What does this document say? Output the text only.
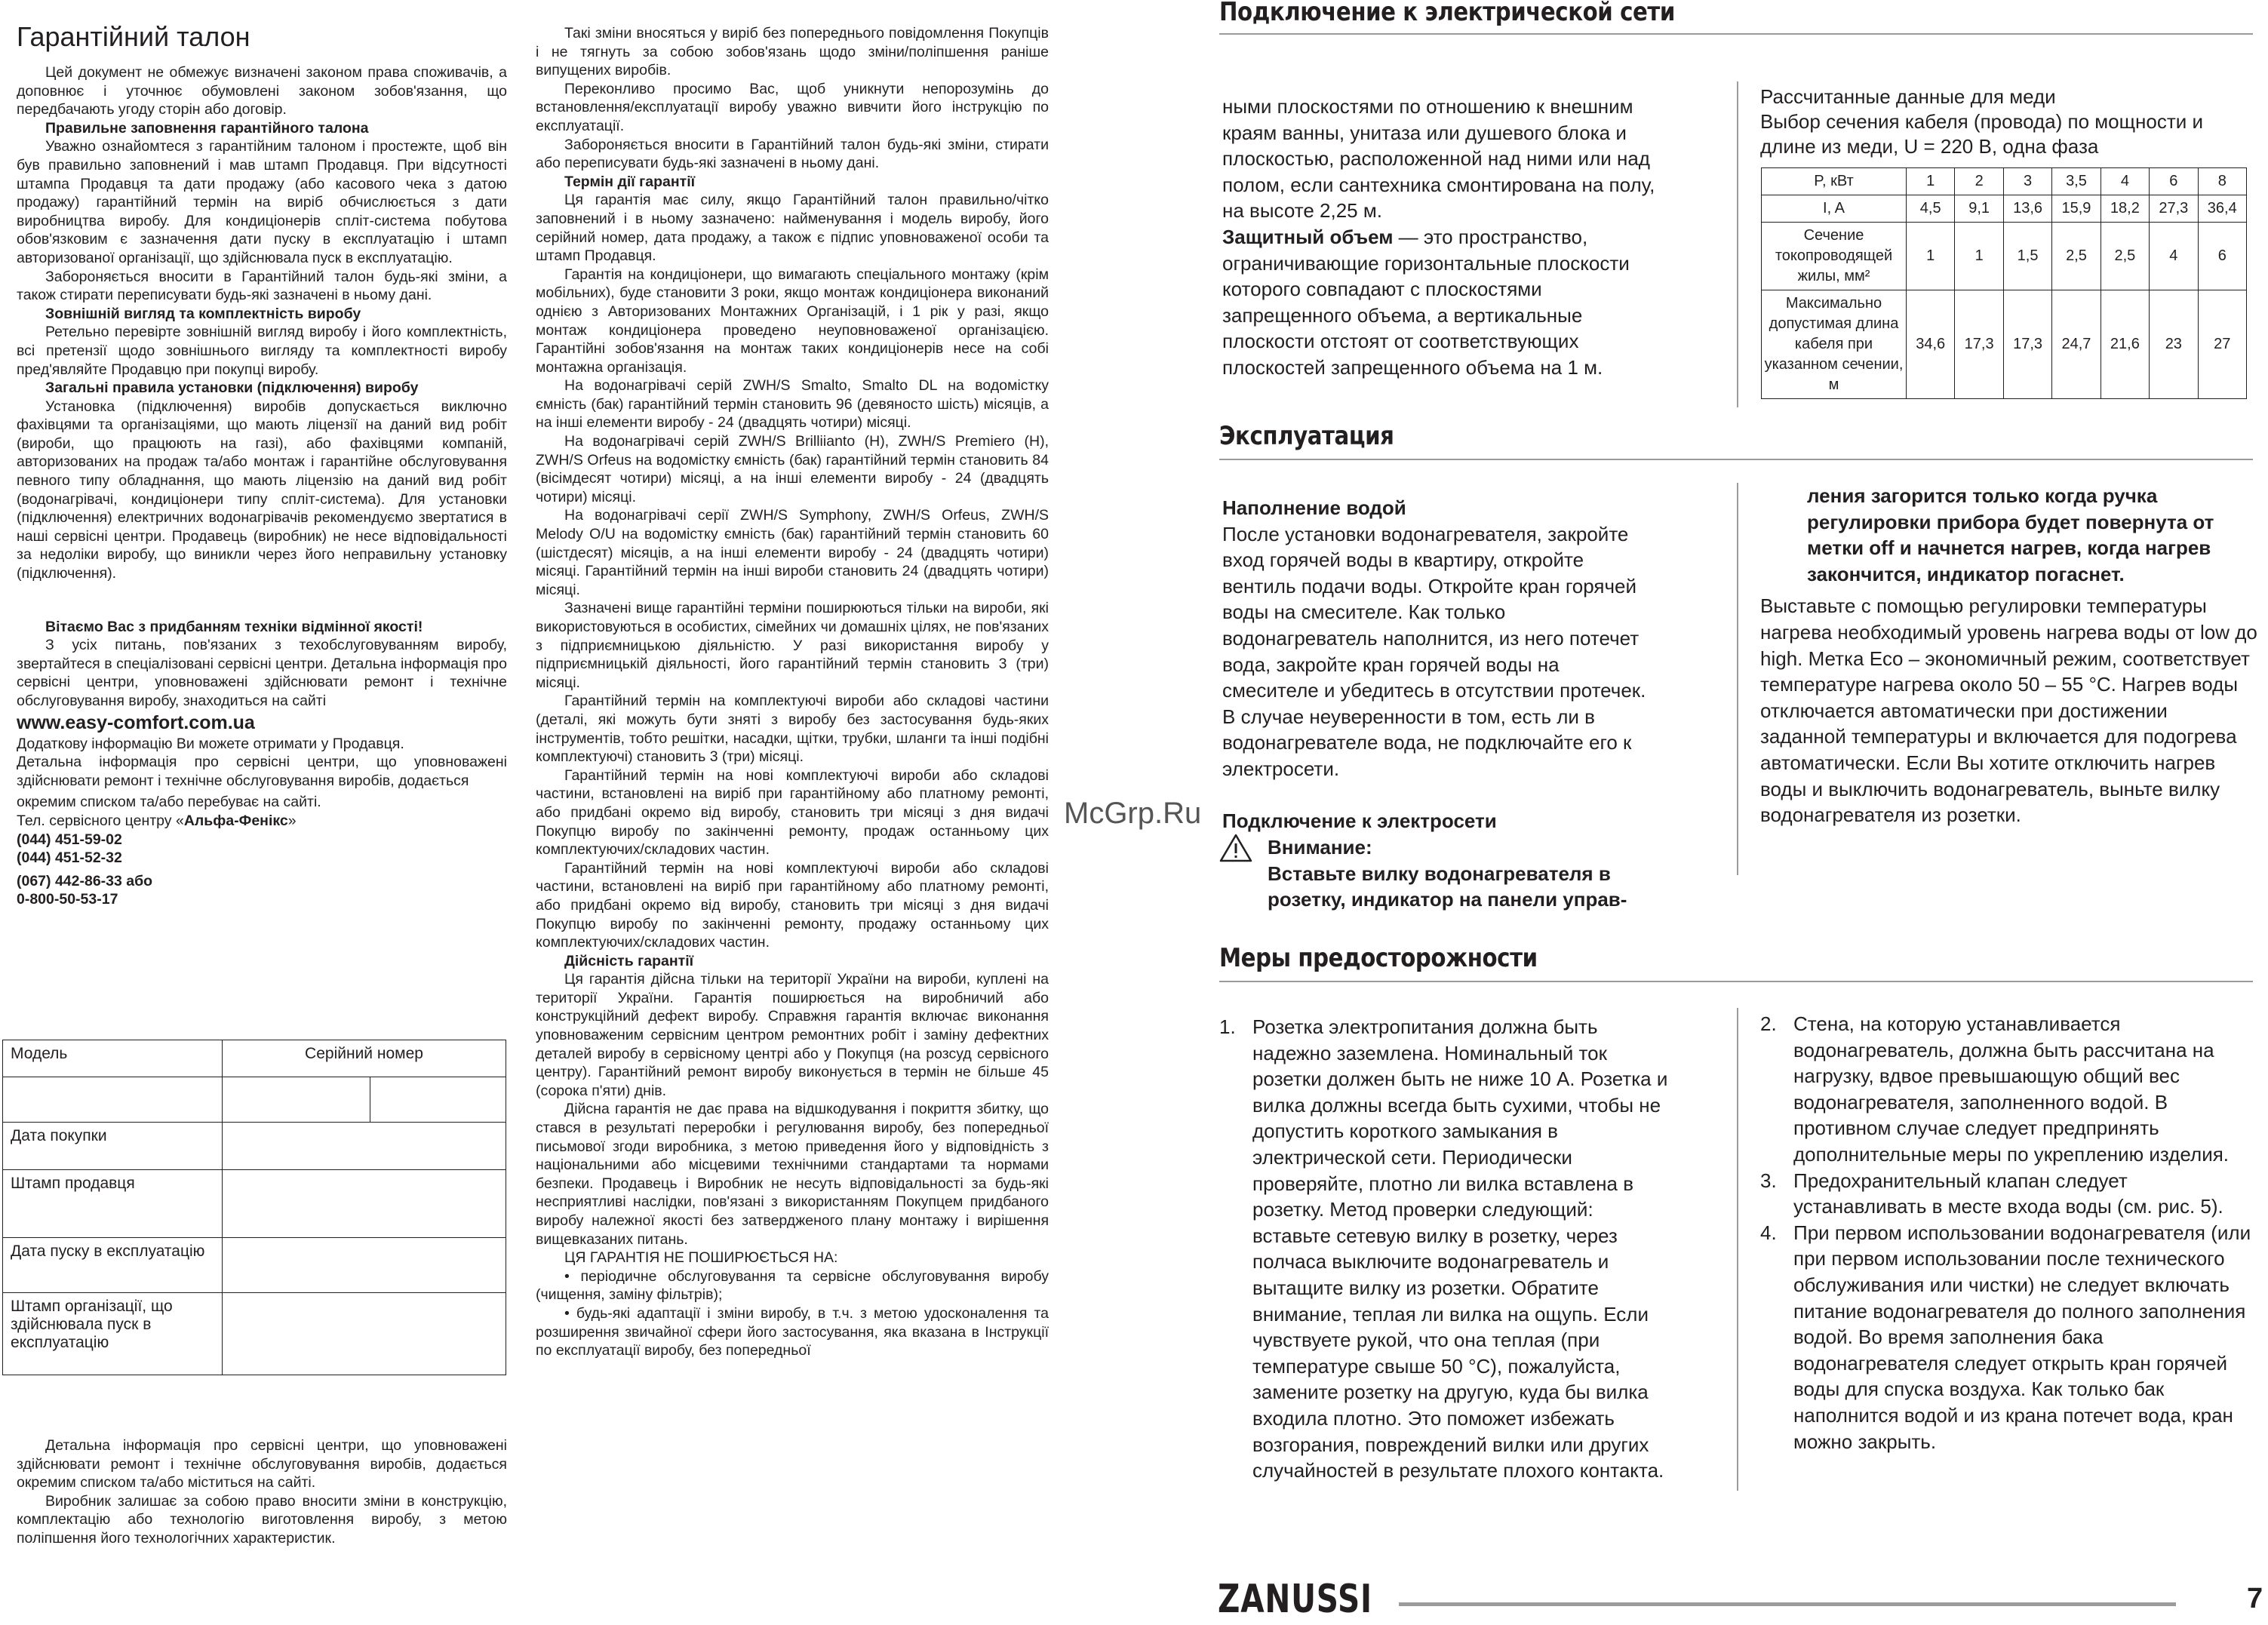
Гарантійний талон

Цей документ не обмежує визначені законом права споживачів, а доповнює і уточнює обумовлені законом зобов'язання, що передбачають угоду сторін або договір.

Правильне заповнення гарантійного талона

Уважно ознайомтеся з гарантійним талоном і простежте, щоб він був правильно заповнений і мав штамп Продавця. При відсутності штампа Продавця та дати продажу (або касового чека з датою продажу) гарантійний термін на виріб обчислюється з дати виробництва виробу. Для кондиціонерів спліт-система побутова обов'язковим є зазначення дати пуску в експлуатацію і штамп авторизованої організації, що здійснювала пуск в експлуатацію.

Забороняється вносити в Гарантійний талон будь-які зміни, а також стирати переписувати будь-які зазначені в ньому дані.

Зовнішній вигляд та комплектність виробу

Ретельно перевірте зовнішній вигляд виробу і його комплектність, всі претензії щодо зовнішнього вигляду та комплектності виробу пред'являйте Продавцю при покупці виробу.

Загальні правила установки (підключення) виробу

Установка (підключення) виробів допускається виключно фахівцями та організаціями, що мають ліцензії на даний вид робіт (вироби, що працюють на газі), або фахівцями компаній, авторизованих на продаж та/або монтаж і гарантійне обслуговування певного типу обладнання, що мають ліцензію на даний вид робіт (водонагрівачі, кондиціонери типу спліт-система). Для установки (підключення) електричних водонагрівачів рекомендуємо звертатися в наші сервісні центри. Продавець (виробник) не несе відповідальності за недоліки виробу, що виникли через його неправильну установку (підключення).

Вітаємо Вас з придбанням техніки відмінної якості!

З усіх питань, пов'язаних з техобслуговуванням виробу, звертайтеся в спеціалізовані сервісні центри. Детальна інформація про сервісні центри, уповноважені здійснювати ремонт і технічне обслуговування виробу, знаходиться на сайті

www.easy-comfort.com.ua

Додаткову інформацію Ви можете отримати у Продавця.

Детальна інформація про сервісні центри, що уповноважені здійснювати ремонт і технічне обслуговування виробів, додається

окремим списком та/або перебуває на сайті.

Тел. сервісного центру «Альфа-Фенікс»

(044) 451-59-02

(044) 451-52-32

(067) 442-86-33 або

0-800-50-53-17

Модель	Серійний номер	

Дата покупки		
Штамп продавця		
Дата пуску в експлуатацію		
Штамп організації, що здійснювала пуск в експлуатацію		

Детальна інформація про сервісні центри, що уповноважені здійснювати ремонт і технічне обслуговування виробів, додається окремим списком та/або міститься на сайті.

Виробник залишає за собою право вносити зміни в конструкцію, комплектацію або технологію виготовлення виробу, з метою поліпшення його технологічних характеристик.

Такі зміни вносяться у виріб без попереднього повідомлення Покупців і не тягнуть за собою зобов'язань щодо зміни/поліпшення раніше випущених виробів.

Переконливо просимо Вас, щоб уникнути непорозумінь до встановлення/експлуатації виробу уважно вивчити його інструкцію по експлуатації.

Забороняється вносити в Гарантійний талон будь-які зміни, стирати або переписувати будь-які зазначені в ньому дані.

Термін дії гарантії

Ця гарантія має силу, якщо Гарантійний талон правильно/чітко заповнений і в ньому зазначено: найменування і модель виробу, його серійний номер, дата продажу, а також є підпис уповноваженої особи та штамп Продавця.

Гарантія на кондиціонери, що вимагають спеціального монтажу (крім мобільних), буде становити 3 роки, якщо монтаж кондиціонера виконаний однією з Авторизованих Монтажних Організацій, і 1 рік у разі, якщо монтаж кондиціонера проведено неуповноваженої організацією. Гарантійні зобов'язання на монтаж таких кондиціонерів несе на собі монтажна організація.

На водонагрівачі серій ZWH/S Smalto, Smalto DL на водомістку ємність (бак) гарантійний термін становить 96 (девяносто шість) місяців, а на інші елементи виробу - 24 (двадцять чотири) місяці.

На водонагрівачі серій ZWH/S Brilliianto (H), ZWH/S Premiero (H), ZWH/S Orfeus на водомістку ємність (бак) гарантійний термін становить 84 (вісімдесят чотири) місяці, а на інші елементи виробу - 24 (двадцять чотири) місяці.

На водонагрівачі серії ZWH/S Symphony, ZWH/S Orfeus, ZWH/S Melody O/U на водомістку ємність (бак) гарантійний термін становить 60 (шістдесят) місяців, а на інші елементи виробу - 24 (двадцять чотири) місяці. Гарантійний термін на інші вироби становить 24 (двадцять чотири) місяці.

Зазначені вище гарантійні терміни поширюються тільки на вироби, які використовуються в особистих, сімейних чи домашніх цілях, не пов'язаних з підприємницькою діяльністю. У разі використання виробу у підприємницькій діяльності, його гарантійний термін становить 3 (три) місяці.

Гарантійний термін на комплектуючі вироби або складові частини (деталі, які можуть бути зняті з виробу без застосування будь-яких інструментів, тобто решітки, насадки, щітки, трубки, шланги та інші подібні комплектуючі) становить 3 (три) місяці.

Гарантійний термін на нові комплектуючі вироби або складові частини, встановлені на виріб при гарантійному або платному ремонті, або придбані окремо від виробу, становить три місяці з дня видачі Покупцю виробу по закінченні ремонту, продаж останньому цих комплектуючих/складових частин.

Гарантійний термін на нові комплектуючі вироби або складові частини, встановлені на виріб при гарантійному або платному ремонті, або придбані окремо від виробу, становить три місяці з дня видачі Покупцю виробу по закінченні ремонту, продажу останньому цих комплектуючих/складових частин.

Дійсність гарантії

Ця гарантія дійсна тільки на території України на вироби, куплені на території України. Гарантія поширюється на виробничий або конструкційний дефект виробу. Справжня гарантія включає виконання уповноваженим сервісним центром ремонтних робіт і заміну дефектних деталей виробу в сервісному центрі або у Покупця (на розсуд сервісного центру). Гарантійний ремонт виробу виконується в термін не більше 45 (сорока п'яти) днів.

Дійсна гарантія не дає права на відшкодування і покриття збитку, що стався в результаті переробки і регулювання виробу, без попередньої письмової згоди виробника, з метою приведення його у відповідність з національними або місцевими технічними стандартами та нормами безпеки. Продавець і Виробник не несуть відповідальності за будь-які несприятливі наслідки, пов'язані з використанням Покупцем придбаного виробу належної якості без затвердженого плану монтажу і вирішення вищевказаних питань.

ЦЯ ГАРАНТІЯ НЕ ПОШИРЮЄТЬСЯ НА:

• періодичне обслуговування та сервісне обслуговування виробу (чищення, заміну фільтрів);

• будь-які адаптації і зміни виробу, в т.ч. з метою удосконалення та розширення звичайної сфери його застосування, яка вказана в Інструкції по експлуатації виробу, без попередньої

McGrp.Ru
Подключение к электрической сети

ными плоскостями по отношению к внешним краям ванны, унитаза или душевого блока и плоскостью, расположенной над ними или над полом, если сантехника смонтирована на полу, на высоте 2,25 м.

Защитный объем — это пространство, ограничивающие горизонтальные плоскости которого совпадают с плоскостями запрещенного объема, а вертикальные плоскости отстоят от соответствующих плоскостей запрещенного объема на 1 м.

Рассчитанные данные для меди

Выбор сечения кабеля (провода) по мощности и длине из меди, U = 220 В, одна фаза

P, кВт	1	2	3	3,5	4	6	8
I, A	4,5	9,1	13,6	15,9	18,2	27,3	36,4
Сечение токопроводящей жилы, мм²	1	1	1,5	2,5	2,5	4	6
Максимально допустимая длина кабеля при указанном сечении, м	34,6	17,3	17,3	24,7	21,6	23	27
Эксплуатация

Наполнение водой

После установки водонагревателя, закройте вход горячей воды в квартиру, откройте вентиль подачи воды. Откройте кран горячей воды на смесителе. Как только водонагреватель наполнится, из него потечет вода, закройте кран горячей воды на смесителе и убедитесь в отсутствии протечек. В случае неуверенности в том, есть ли в водонагревателе вода, не подключайте его к электросети.

Подключение к электросети

Внимание:

Вставьте вилку водонагревателя в розетку, индикатор на панели управ-

ления загорится только когда ручка регулировки прибора будет повернута от метки off и начнется нагрев, когда нагрев закончится, индикатор погаснет.

Выставьте с помощью регулировки температуры нагрева необходимый уровень нагрева воды от low до high. Метка Eco – экономичный режим, соответствует температуре нагрева около 50 – 55 °С. Нагрев воды отключается автоматически при достижении заданной температуры и включается для подогрева автоматически. Если Вы хотите отключить нагрев воды и выключить водонагреватель, выньте вилку водонагревателя из розетки.

Меры предосторожности
1. Розетка электропитания должна быть надежно заземлена. Номинальный ток розетки должен быть не ниже 10 А. Розетка и вилка должны всегда быть сухими, чтобы не допустить короткого замыкания в электрической сети. Периодически проверяйте, плотно ли вилка вставлена в розетку. Метод проверки следующий: вставьте сетевую вилку в розетку, через полчаса выключите водонагреватель и вытащите вилку из розетки. Обратите внимание, теплая ли вилка на ощупь. Если чувствуете рукой, что она теплая (при температуре свыше 50 °С), пожалуйста, замените розетку на другую, куда бы вилка входила плотно. Это поможет избежать возгорания, повреждений вилки или других случайностей в результате плохого контакта.
2. Стена, на которую устанавливается водонагреватель, должна быть рассчитана на нагрузку, вдвое превышающую общий вес водонагревателя, заполненного водой. В противном случае следует предпринять дополнительные меры по укреплению изделия.
3. Предохранительный клапан следует устанавливать в месте входа воды (см. рис. 5).
4. При первом использовании водонагревателя (или при первом использовании после технического обслуживания или чистки) не следует включать питание водонагревателя до полного заполнения водой. Во время заполнения бака водонагревателя следует открыть кран горячей воды для спуска воздуха. Как только бак наполнится водой и из крана потечет вода, кран можно закрыть.
ZANUSSI	7
